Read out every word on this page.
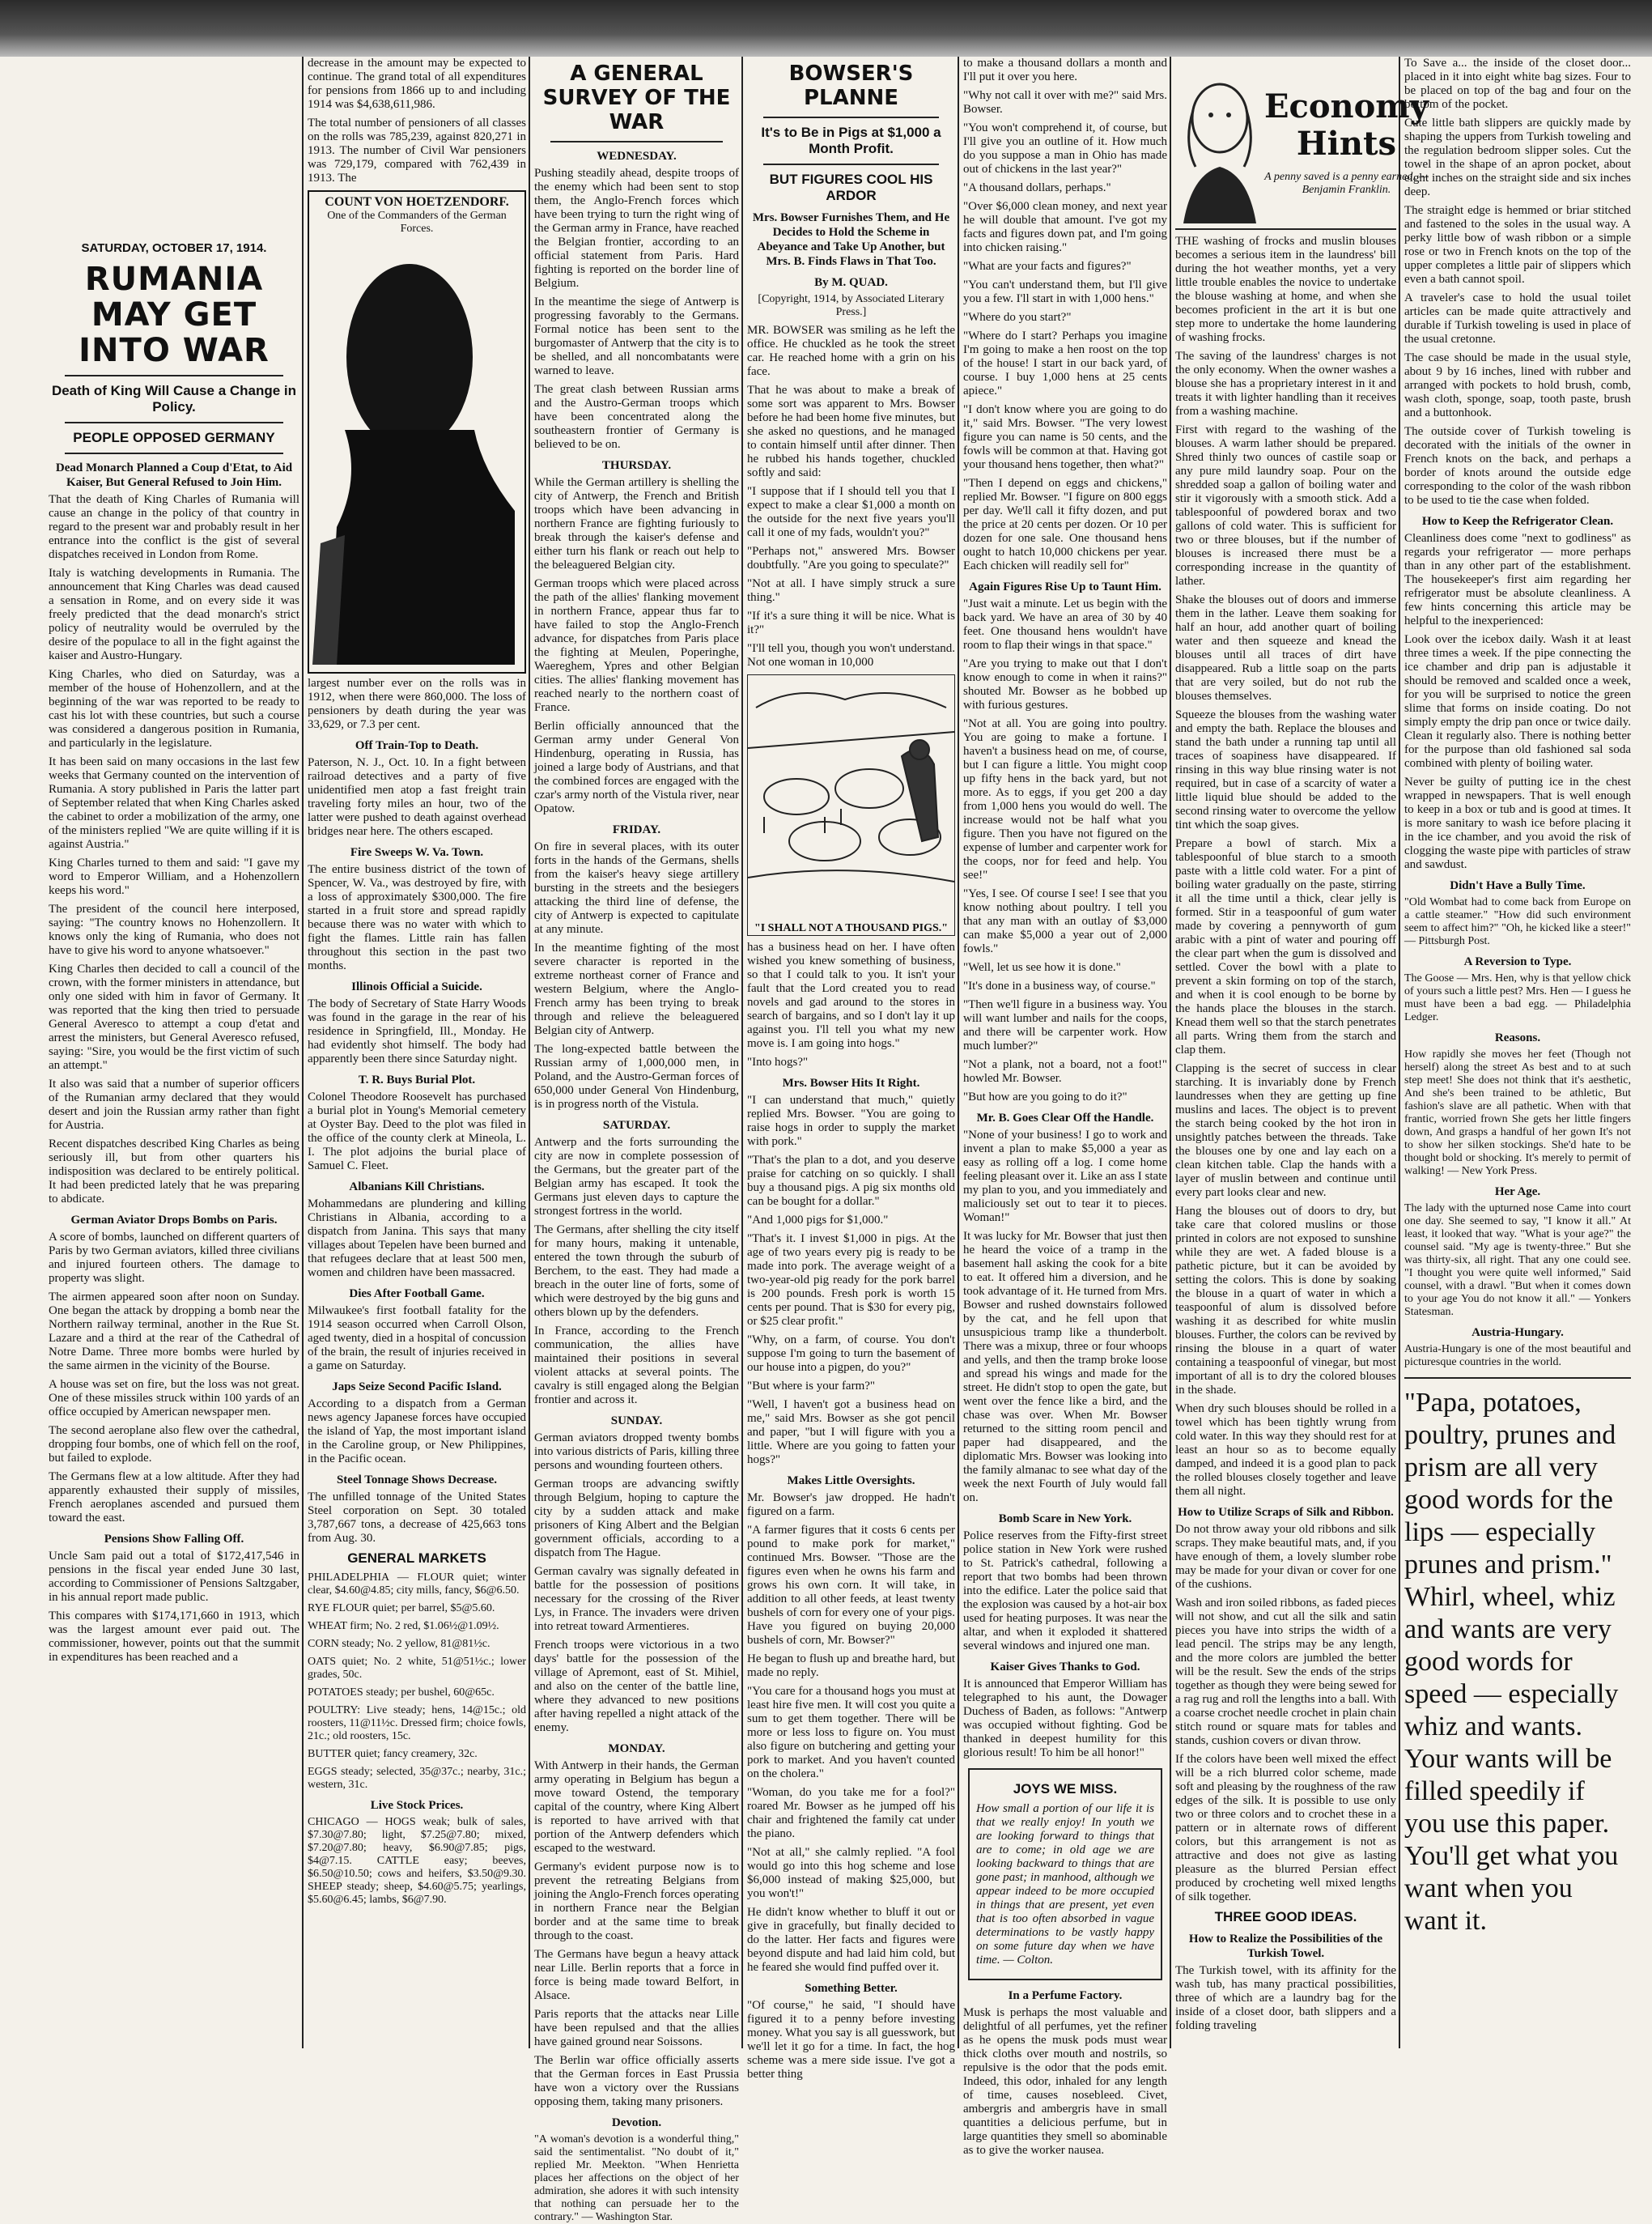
SATURDAY, OCTOBER 17, 1914.
RUMANIA MAY GET INTO WAR
Death of King Will Cause a Change in Policy.
PEOPLE OPPOSED GERMANY
Dead Monarch Planned a Coup d'Etat, to Aid Kaiser, But General Refused to Join Him.

That the death of King Charles of Rumania will cause an change in the policy of that country in regard to the present war and probably result in her entrance into the conflict is the gist of several dispatches received in London from Rome.

Italy is watching developments in Rumania. The announcement that King Charles was dead caused a sensation in Rome, and on every side it was freely predicted that the dead monarch's strict policy of neutrality would be overruled by the desire of the populace to all in the fight against the kaiser and Austro-Hungary.

King Charles, who died on Saturday, was a member of the house of Hohenzollern, and at the beginning of the war was reported to be ready to cast his lot with these countries, but such a course was considered a dangerous position in Rumania, and particularly in the legislature.

It has been said on many occasions in the last few weeks that Germany counted on the intervention of Rumania. A story published in Paris the latter part of September related that when King Charles asked the cabinet to order a mobilization of the army, one of the ministers replied "We are quite willing if it is against Austria."

King Charles turned to them and said: "I gave my word to Emperor William, and a Hohenzollern keeps his word."

The president of the council here interposed, saying: "The country knows no Hohenzollern. It knows only the king of Rumania, who does not have to give his word to anyone whatsoever."

King Charles then decided to call a council of the crown, with the former ministers in attendance, but only one sided with him in favor of Germany. It was reported that the king then tried to persuade General Averesco to attempt a coup d'etat and arrest the ministers, but General Averesco refused, saying: "Sire, you would be the first victim of such an attempt."

It also was said that a number of superior officers of the Rumanian army declared that they would desert and join the Russian army rather than fight for Austria.

Recent dispatches described King Charles as being seriously ill, but from other quarters his indisposition was declared to be entirely political. It had been predicted lately that he was preparing to abdicate.

German Aviator Drops Bombs on Paris.

A score of bombs, launched on different quarters of Paris by two German aviators, killed three civilians and injured fourteen others. The damage to property was slight.

The airmen appeared soon after noon on Sunday. One began the attack by dropping a bomb near the Northern railway terminal, another in the Rue St. Lazare and a third at the rear of the Cathedral of Notre Dame. Three more bombs were hurled by the same airmen in the vicinity of the Bourse.

A house was set on fire, but the loss was not great. One of these missiles struck within 100 yards of an office occupied by American newspaper men.

The second aeroplane also flew over the cathedral, dropping four bombs, one of which fell on the roof, but failed to explode.

The Germans flew at a low altitude. After they had apparently exhausted their supply of missiles, French aeroplanes ascended and pursued them toward the east.

Pensions Show Falling Off.

Uncle Sam paid out a total of $172,417,546 in pensions in the fiscal year ended June 30 last, according to Commissioner of Pensions Saltzgaber, in his annual report made public.

This compares with $174,171,660 in 1913, which was the largest amount ever paid out. The commissioner, however, points out that the summit in expenditures has been reached and a

decrease in the amount may be expected to continue. The grand total of all expenditures for pensions from 1866 up to and including 1914 was $4,638,611,986.

The total number of pensioners of all classes on the rolls was 785,239, against 820,271 in 1913. The number of Civil War pensioners was 729,179, compared with 762,439 in 1913. The

COUNT VON HOETZENDORF.
One of the Commanders of the German Forces.

largest number ever on the rolls was in 1912, when there were 860,000. The loss of pensioners by death during the year was 33,629, or 7.3 per cent.

Off Train-Top to Death.

Paterson, N. J., Oct. 10. In a fight between railroad detectives and a party of five unidentified men atop a fast freight train traveling forty miles an hour, two of the latter were pushed to death against overhead bridges near here. The others escaped.

Fire Sweeps W. Va. Town.

The entire business district of the town of Spencer, W. Va., was destroyed by fire, with a loss of approximately $300,000. The fire started in a fruit store and spread rapidly because there was no water with which to fight the flames. Little rain has fallen throughout this section in the past two months.

Illinois Official a Suicide.

The body of Secretary of State Harry Woods was found in the garage in the rear of his residence in Springfield, Ill., Monday. He had evidently shot himself. The body had apparently been there since Saturday night.

T. R. Buys Burial Plot.

Colonel Theodore Roosevelt has purchased a burial plot in Young's Memorial cemetery at Oyster Bay. Deed to the plot was filed in the office of the county clerk at Mineola, L. I. The plot adjoins the burial place of Samuel C. Fleet.

Albanians Kill Christians.

Mohammedans are plundering and killing Christians in Albania, according to a dispatch from Janina. This says that many villages about Tepelen have been burned and that refugees declare that at least 500 men, women and children have been massacred.

Dies After Football Game.

Milwaukee's first football fatality for the 1914 season occurred when Carroll Olson, aged twenty, died in a hospital of concussion of the brain, the result of injuries received in a game on Saturday.

Japs Seize Second Pacific Island.

According to a dispatch from a German news agency Japanese forces have occupied the island of Yap, the most important island in the Caroline group, or New Philippines, in the Pacific ocean.

Steel Tonnage Shows Decrease.

The unfilled tonnage of the United States Steel corporation on Sept. 30 totaled 3,787,667 tons, a decrease of 425,663 tons from Aug. 30.

GENERAL MARKETS

PHILADELPHIA — FLOUR quiet; winter clear, $4.60@4.85; city mills, fancy, $6@6.50.

RYE FLOUR quiet; per barrel, $5@5.60.

WHEAT firm; No. 2 red, $1.06½@1.09½.

CORN steady; No. 2 yellow, 81@81½c.

OATS quiet; No. 2 white, 51@51½c.; lower grades, 50c.

POTATOES steady; per bushel, 60@65c.

POULTRY: Live steady; hens, 14@15c.; old roosters, 11@11½c. Dressed firm; choice fowls, 21c.; old roosters, 15c.

BUTTER quiet; fancy creamery, 32c.

EGGS steady; selected, 35@37c.; nearby, 31c.; western, 31c.

Live Stock Prices.

CHICAGO — HOGS weak; bulk of sales, $7.30@7.80; light, $7.25@7.80; mixed, $7.20@7.80; heavy, $6.90@7.85; pigs, $4@7.15. CATTLE easy; beeves, $6.50@10.50; cows and heifers, $3.50@9.30. SHEEP steady; sheep, $4.60@5.75; yearlings, $5.60@6.45; lambs, $6@7.90.

A GENERAL SURVEY OF THE WAR
WEDNESDAY.

Pushing steadily ahead, despite troops of the enemy which had been sent to stop them, the Anglo-French forces which have been trying to turn the right wing of the German army in France, have reached the Belgian frontier, according to an official statement from Paris. Hard fighting is reported on the border line of Belgium.

In the meantime the siege of Antwerp is progressing favorably to the Germans. Formal notice has been sent to the burgomaster of Antwerp that the city is to be shelled, and all noncombatants were warned to leave.

The great clash between Russian arms and the Austro-German troops which have been concentrated along the southeastern frontier of Germany is believed to be on.

THURSDAY.

While the German artillery is shelling the city of Antwerp, the French and British troops which have been advancing in northern France are fighting furiously to break through the kaiser's defense and either turn his flank or reach out help to the beleaguered Belgian city.

German troops which were placed across the path of the allies' flanking movement in northern France, appear thus far to have failed to stop the Anglo-French advance, for dispatches from Paris place the fighting at Meulen, Poperinghe, Waereghem, Ypres and other Belgian cities. The allies' flanking movement has reached nearly to the northern coast of France.

Berlin officially announced that the German army under General Von Hindenburg, operating in Russia, has joined a large body of Austrians, and that the combined forces are engaged with the czar's army north of the Vistula river, near Opatow.

FRIDAY.

On fire in several places, with its outer forts in the hands of the Germans, shells from the kaiser's heavy siege artillery bursting in the streets and the besiegers attacking the third line of defense, the city of Antwerp is expected to capitulate at any minute.

In the meantime fighting of the most severe character is reported in the extreme northeast corner of France and western Belgium, where the Anglo-French army has been trying to break through and relieve the beleaguered Belgian city of Antwerp.

The long-expected battle between the Russian army of 1,000,000 men, in Poland, and the Austro-German forces of 650,000 under General Von Hindenburg, is in progress north of the Vistula.

SATURDAY.

Antwerp and the forts surrounding the city are now in complete possession of the Germans, but the greater part of the Belgian army has escaped. It took the Germans just eleven days to capture the strongest fortress in the world.

The Germans, after shelling the city itself for many hours, making it untenable, entered the town through the suburb of Berchem, to the east. They had made a breach in the outer line of forts, some of which were destroyed by the big guns and others blown up by the defenders.

In France, according to the French communication, the allies have maintained their positions in several violent attacks at several points. The cavalry is still engaged along the Belgian frontier and across it.

SUNDAY.

German aviators dropped twenty bombs into various districts of Paris, killing three persons and wounding fourteen others.

German troops are advancing swiftly through Belgium, hoping to capture the city by a sudden attack and make prisoners of King Albert and the Belgian government officials, according to a dispatch from The Hague.

German cavalry was signally defeated in battle for the possession of positions necessary for the crossing of the River Lys, in France. The invaders were driven into retreat toward Armentieres.

French troops were victorious in a two days' battle for the possession of the village of Apremont, east of St. Mihiel, and also on the center of the battle line, where they advanced to new positions after having repelled a night attack of the enemy.

MONDAY.

With Antwerp in their hands, the German army operating in Belgium has begun a move toward Ostend, the temporary capital of the country, where King Albert is reported to have arrived with that portion of the Antwerp defenders which escaped to the westward.

Germany's evident purpose now is to prevent the retreating Belgians from joining the Anglo-French forces operating in northern France near the Belgian border and at the same time to break through to the coast.

The Germans have begun a heavy attack near Lille. Berlin reports that a force in force is being made toward Belfort, in Alsace.

Paris reports that the attacks near Lille have been repulsed and that the allies have gained ground near Soissons.

The Berlin war office officially asserts that the German forces in East Prussia have won a victory over the Russians opposing them, taking many prisoners.

Devotion.

"A woman's devotion is a wonderful thing," said the sentimentalist. "No doubt of it," replied Mr. Meekton. "When Henrietta places her affections on the object of her admiration, she adores it with such intensity that nothing can persuade her to the contrary." — Washington Star.

BOWSER'S PLANNE
It's to Be in Pigs at $1,000 a Month Profit.
BUT FIGURES COOL HIS ARDOR
Mrs. Bowser Furnishes Them, and He Decides to Hold the Scheme in Abeyance and Take Up Another, but Mrs. B. Finds Flaws in That Too.
By M. QUAD.

[Copyright, 1914, by Associated Literary Press.]

MR. BOWSER was smiling as he left the office. He chuckled as he took the street car. He reached home with a grin on his face.

That he was about to make a break of some sort was apparent to Mrs. Bowser before he had been home five minutes, but she asked no questions, and he managed to contain himself until after dinner. Then he rubbed his hands together, chuckled softly and said:

"I suppose that if I should tell you that I expect to make a clear $1,000 a month on the outside for the next five years you'll call it one of my fads, wouldn't you?"

"Perhaps not," answered Mrs. Bowser doubtfully. "Are you going to speculate?"

"Not at all. I have simply struck a sure thing."

"If it's a sure thing it will be nice. What is it?"

"I'll tell you, though you won't understand. Not one woman in 10,000

"I SHALL NOT A THOUSAND PIGS."

has a business head on her. I have often wished you knew something of business, so that I could talk to you. It isn't your fault that the Lord created you to read novels and gad around to the stores in search of bargains, and so I don't lay it up against you. I'll tell you what my new move is. I am going into hogs."

"Into hogs?"

Mrs. Bowser Hits It Right.

"I can understand that much," quietly replied Mrs. Bowser. "You are going to raise hogs in order to supply the market with pork."

"That's the plan to a dot, and you deserve praise for catching on so quickly. I shall buy a thousand pigs. A pig six months old can be bought for a dollar."

"And 1,000 pigs for $1,000."

"That's it. I invest $1,000 in pigs. At the age of two years every pig is ready to be made into pork. The average weight of a two-year-old pig ready for the pork barrel is 200 pounds. Fresh pork is worth 15 cents per pound. That is $30 for every pig, or $25 clear profit."

"Why, on a farm, of course. You don't suppose I'm going to turn the basement of our house into a pigpen, do you?"

"But where is your farm?"

"Well, I haven't got a business head on me," said Mrs. Bowser as she got pencil and paper, "but I will figure with you a little. Where are you going to fatten your hogs?"

Makes Little Oversights.

Mr. Bowser's jaw dropped. He hadn't figured on a farm.

"A farmer figures that it costs 6 cents per pound to make pork for market," continued Mrs. Bowser. "Those are the figures even when he owns his farm and grows his own corn. It will take, in addition to all other feeds, at least twenty bushels of corn for every one of your pigs. Have you figured on buying 20,000 bushels of corn, Mr. Bowser?"

He began to flush up and breathe hard, but made no reply.

"You care for a thousand hogs you must at least hire five men. It will cost you quite a sum to get them together. There will be more or less loss to figure on. You must also figure on butchering and getting your pork to market. And you haven't counted on the cholera."

"Woman, do you take me for a fool?" roared Mr. Bowser as he jumped off his chair and frightened the family cat under the piano.

"Not at all," she calmly replied. "A fool would go into this hog scheme and lose $6,000 instead of making $25,000, but you won't!"

He didn't know whether to bluff it out or give in gracefully, but finally decided to do the latter. Her facts and figures were beyond dispute and had laid him cold, but he feared she would find puffed over it.

Something Better.

"Of course," he said, "I should have figured it to a penny before investing money. What you say is all guesswork, but we'll let it go for a time. In fact, the hog scheme was a mere side issue. I've got a better thing

to make a thousand dollars a month and I'll put it over you here.

"Why not call it over with me?" said Mrs. Bowser.

"You won't comprehend it, of course, but I'll give you an outline of it. How much do you suppose a man in Ohio has made out of chickens in the last year?"

"A thousand dollars, perhaps."

"Over $6,000 clean money, and next year he will double that amount. I've got my facts and figures down pat, and I'm going into chicken raising."

"What are your facts and figures?"

"You can't understand them, but I'll give you a few. I'll start in with 1,000 hens."

"Where do you start?"

"Where do I start? Perhaps you imagine I'm going to make a hen roost on the top of the house! I start in our back yard, of course. I buy 1,000 hens at 25 cents apiece."

"I don't know where you are going to do it," said Mrs. Bowser. "The very lowest figure you can name is 50 cents, and the fowls will be common at that. Having got your thousand hens together, then what?"

"Then I depend on eggs and chickens," replied Mr. Bowser. "I figure on 800 eggs per day. We'll call it fifty dozen, and put the price at 20 cents per dozen. Or 10 per dozen for one sale. One thousand hens ought to hatch 10,000 chickens per year. Each chicken will readily sell for"

Again Figures Rise Up to Taunt Him.

"Just wait a minute. Let us begin with the back yard. We have an area of 30 by 40 feet. One thousand hens wouldn't have room to flap their wings in that space."

"Are you trying to make out that I don't know enough to come in when it rains?" shouted Mr. Bowser as he bobbed up with furious gestures.

"Not at all. You are going into poultry. You are going to make a fortune. I haven't a business head on me, of course, but I can figure a little. You might coop up fifty hens in the back yard, but not more. As to eggs, if you get 200 a day from 1,000 hens you would do well. The increase would not be half what you figure. Then you have not figured on the expense of lumber and carpenter work for the coops, nor for feed and help. You see!"

"Yes, I see. Of course I see! I see that you know nothing about poultry. I tell you that any man with an outlay of $3,000 can make $5,000 a year out of 2,000 fowls."

"Well, let us see how it is done."

"It's done in a business way, of course."

"Then we'll figure in a business way. You will want lumber and nails for the coops, and there will be carpenter work. How much lumber?"

"Not a plank, not a board, not a foot!" howled Mr. Bowser.

"But how are you going to do it?"

Mr. B. Goes Clear Off the Handle.

"None of your business! I go to work and invent a plan to make $5,000 a year as easy as rolling off a log. I come home feeling pleasant over it. Like an ass I state my plan to you, and you immediately and maliciously set out to tear it to pieces. Woman!"

It was lucky for Mr. Bowser that just then he heard the voice of a tramp in the basement hall asking the cook for a bite to eat. It offered him a diversion, and he took advantage of it. He turned from Mrs. Bowser and rushed downstairs followed by the cat, and he fell upon that unsuspicious tramp like a thunderbolt. There was a mixup, three or four whoops and yells, and then the tramp broke loose and spread his wings and made for the street. He didn't stop to open the gate, but went over the fence like a bird, and the chase was over. When Mr. Bowser returned to the sitting room pencil and paper had disappeared, and the diplomatic Mrs. Bowser was looking into the family almanac to see what day of the week the next Fourth of July would fall on.

Bomb Scare in New York.

Police reserves from the Fifty-first street police station in New York were rushed to St. Patrick's cathedral, following a report that two bombs had been thrown into the edifice. Later the police said that the explosion was caused by a hot-air box used for heating purposes. It was near the altar, and when it exploded it shattered several windows and injured one man.

Kaiser Gives Thanks to God.

It is announced that Emperor William has telegraphed to his aunt, the Dowager Duchess of Baden, as follows: "Antwerp was occupied without fighting. God be thanked in deepest humility for this glorious result! To him be all honor!"

JOYS WE MISS.

How small a portion of our life it is that we really enjoy! In youth we are looking forward to things that are to come; in old age we are looking backward to things that are gone past; in manhood, although we appear indeed to be more occupied in things that are present, yet even that is too often absorbed in vague determinations to be vastly happy on some future day when we have time. — Colton.

In a Perfume Factory.

Musk is perhaps the most valuable and delightful of all perfumes, yet the refiner as he opens the musk pods must wear thick cloths over mouth and nostrils, so repulsive is the odor that the pods emit. Indeed, this odor, inhaled for any length of time, causes nosebleed. Civet, ambergris and ambergris have in small quantities a delicious perfume, but in large quantities they smell so abominable as to give the worker nausea.

Economy Hints
A penny saved is a penny earned. — Benjamin Franklin.

THE washing of frocks and muslin blouses becomes a serious item in the laundress' bill during the hot weather months, yet a very little trouble enables the novice to undertake the blouse washing at home, and when she becomes proficient in the art it is but one step more to undertake the home laundering of washing frocks.

The saving of the laundress' charges is not the only economy. When the owner washes a blouse she has a proprietary interest in it and treats it with lighter handling than it receives from a washing machine.

First with regard to the washing of the blouses. A warm lather should be prepared. Shred thinly two ounces of castile soap or any pure mild laundry soap. Pour on the shredded soap a gallon of boiling water and stir it vigorously with a smooth stick. Add a tablespoonful of powdered borax and two gallons of cold water. This is sufficient for two or three blouses, but if the number of blouses is increased there must be a corresponding increase in the quantity of lather.

Shake the blouses out of doors and immerse them in the lather. Leave them soaking for half an hour, add another quart of boiling water and then squeeze and knead the blouses until all traces of dirt have disappeared. Rub a little soap on the parts that are very soiled, but do not rub the blouses themselves.

Squeeze the blouses from the washing water and empty the bath. Replace the blouses and stand the bath under a running tap until all traces of soapiness have disappeared. If rinsing in this way blue rinsing water is not required, but in case of a scarcity of water a little liquid blue should be added to the second rinsing water to overcome the yellow tint which the soap gives.

Prepare a bowl of starch. Mix a tablespoonful of blue starch to a smooth paste with a little cold water. For a pint of boiling water gradually on the paste, stirring it all the time until a thick, clear jelly is formed. Stir in a teaspoonful of gum water made by covering a pennyworth of gum arabic with a pint of water and pouring off the clear part when the gum is dissolved and settled. Cover the bowl with a plate to prevent a skin forming on top of the starch, and when it is cool enough to be borne by the hands place the blouses in the starch. Knead them well so that the starch penetrates all parts. Wring them from the starch and clap them.

Clapping is the secret of success in clear starching. It is invariably done by French laundresses when they are getting up fine muslins and laces. The object is to prevent the starch being cooked by the hot iron in unsightly patches between the threads. Take the blouses one by one and lay each on a clean kitchen table. Clap the hands with a layer of muslin between and continue until every part looks clear and new.

Hang the blouses out of doors to dry, but take care that colored muslins or those printed in colors are not exposed to sunshine while they are wet. A faded blouse is a pathetic picture, but it can be avoided by setting the colors. This is done by soaking the blouse in a quart of water in which a teaspoonful of alum is dissolved before washing it as described for white muslin blouses. Further, the colors can be revived by rinsing the blouse in a quart of water containing a teaspoonful of vinegar, but most important of all is to dry the colored blouses in the shade.

When dry such blouses should be rolled in a towel which has been tightly wrung from cold water. In this way they should rest for at least an hour so as to become equally damped, and indeed it is a good plan to pack the rolled blouses closely together and leave them all night.

How to Utilize Scraps of Silk and Ribbon.

Do not throw away your old ribbons and silk scraps. They make beautiful mats, and, if you have enough of them, a lovely slumber robe may be made for your divan or cover for one of the cushions.

Wash and iron soiled ribbons, as faded pieces will not show, and cut all the silk and satin pieces you have into strips the width of a lead pencil. The strips may be any length, and the more colors are jumbled the better will be the result. Sew the ends of the strips together as though they were being sewed for a rag rug and roll the lengths into a ball. With a coarse crochet needle crochet in plain chain stitch round or square mats for tables and stands, cushion covers or divan throw.

If the colors have been well mixed the effect will be a rich blurred color scheme, made soft and pleasing by the roughness of the raw edges of the silk. It is possible to use only two or three colors and to crochet these in a pattern or in alternate rows of different colors, but this arrangement is not as attractive and does not give as lasting pleasure as the blurred Persian effect produced by crocheting well mixed lengths of silk together.

THREE GOOD IDEAS.
How to Realize the Possibilities of the Turkish Towel.

The Turkish towel, with its affinity for the wash tub, has many practical possibilities, three of which are a laundry bag for the inside of a closet door, bath slippers and a folding traveling

To Save a... the inside of the closet door... placed in it into eight white bag sizes. Four to be placed on top of the bag and four on the bottom of the pocket.

Cute little bath slippers are quickly made by shaping the uppers from Turkish toweling and the regulation bedroom slipper soles. Cut the towel in the shape of an apron pocket, about eight inches on the straight side and six inches deep.

The straight edge is hemmed or briar stitched and fastened to the soles in the usual way. A perky little bow of wash ribbon or a simple rose or two in French knots on the top of the upper completes a little pair of slippers which even a bath cannot spoil.

A traveler's case to hold the usual toilet articles can be made quite attractively and durable if Turkish toweling is used in place of the usual cretonne.

The case should be made in the usual style, about 9 by 16 inches, lined with rubber and arranged with pockets to hold brush, comb, wash cloth, sponge, soap, tooth paste, brush and a buttonhook.

The outside cover of Turkish toweling is decorated with the initials of the owner in French knots on the back, and perhaps a border of knots around the outside edge corresponding to the color of the wash ribbon to be used to tie the case when folded.

How to Keep the Refrigerator Clean.

Cleanliness does come "next to godliness" as regards your refrigerator — more perhaps than in any other part of the establishment. The housekeeper's first aim regarding her refrigerator must be absolute cleanliness. A few hints concerning this article may be helpful to the inexperienced:

Look over the icebox daily. Wash it at least three times a week. If the pipe connecting the ice chamber and drip pan is adjustable it should be removed and scalded once a week, for you will be surprised to notice the green slime that forms on inside coating. Do not simply empty the drip pan once or twice daily. Clean it regularly also. There is nothing better for the purpose than old fashioned sal soda combined with plenty of boiling water.

Never be guilty of putting ice in the chest wrapped in newspapers. That is well enough to keep in a box or tub and is good at times. It is more sanitary to wash ice before placing it in the ice chamber, and you avoid the risk of clogging the waste pipe with particles of straw and sawdust.

Didn't Have a Bully Time.

"Old Wombat had to come back from Europe on a cattle steamer." "How did such environment seem to affect him?" "Oh, he kicked like a steer!" — Pittsburgh Post.

A Reversion to Type.

The Goose — Mrs. Hen, why is that yellow chick of yours such a little pest? Mrs. Hen — I guess he must have been a bad egg. — Philadelphia Ledger.

Reasons.

How rapidly she moves her feet (Though not herself) along the street As best and to at such step meet! She does not think that it's aesthetic, And she's been trained to be athletic, But fashion's slave are all pathetic. When with that frantic, worried frown She gets her little fingers down, And grasps a handful of her gown It's not to show her silken stockings. She'd hate to be thought bold or shocking. It's merely to permit of walking! — New York Press.

Her Age.

The lady with the upturned nose Came into court one day. She seemed to say, "I know it all." At least, it looked that way. "What is your age?" the counsel said. "My age is twenty-three." But she was thirty-six, all right. That any one could see. "I thought you were quite well informed," Said counsel, with a drawl. "But when it comes down to your age You do not know it all." — Yonkers Statesman.

Austria-Hungary.

Austria-Hungary is one of the most beautiful and picturesque countries in the world.

"Papa, potatoes, poultry, prunes and prism are all very good words for the lips — especially prunes and prism." Whirl, wheel, whiz and wants are very good words for speed — especially whiz and wants. Your wants will be filled speedily if you use this paper. You'll get what you want when you want it.
